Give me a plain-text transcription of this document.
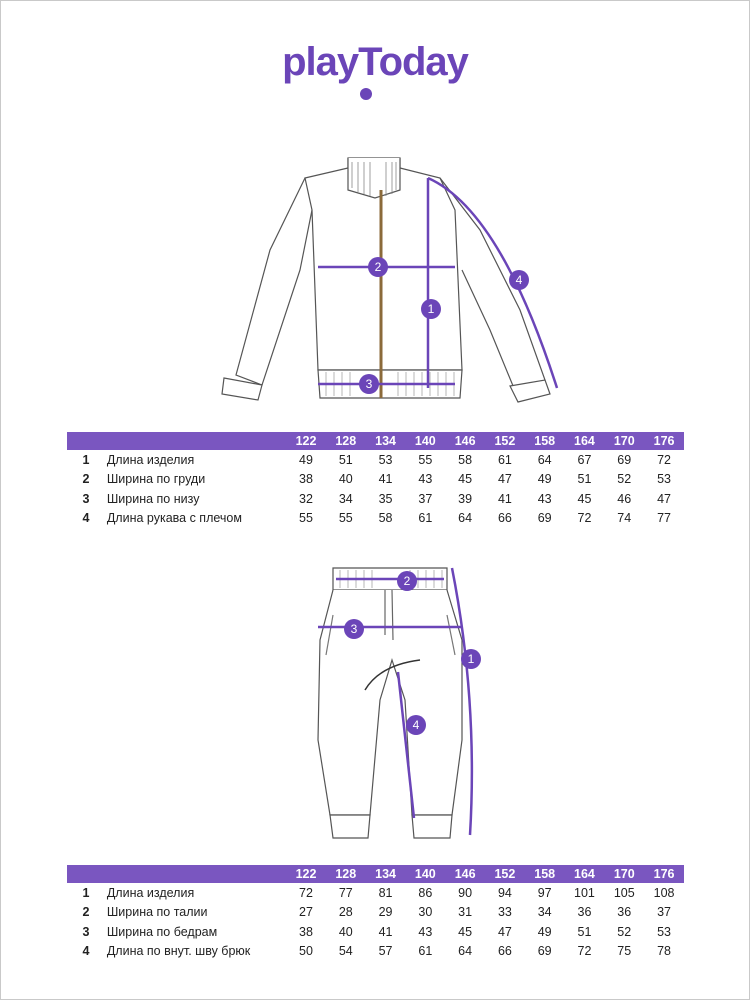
playToday
1
2
3
4
		122	128	134	140	146	152	158	164	170	176
1	Длина изделия	49	51	53	55	58	61	64	67	69	72
2	Ширина по груди	38	40	41	43	45	47	49	51	52	53
3	Ширина по низу	32	34	35	37	39	41	43	45	46	47
4	Длина рукава с плечом	55	55	58	61	64	66	69	72	74	77
1
2
3
4
		122	128	134	140	146	152	158	164	170	176
1	Длина изделия	72	77	81	86	90	94	97	101	105	108
2	Ширина по талии	27	28	29	30	31	33	34	36	36	37
3	Ширина по бедрам	38	40	41	43	45	47	49	51	52	53
4	Длина по внут. шву брюк	50	54	57	61	64	66	69	72	75	78
